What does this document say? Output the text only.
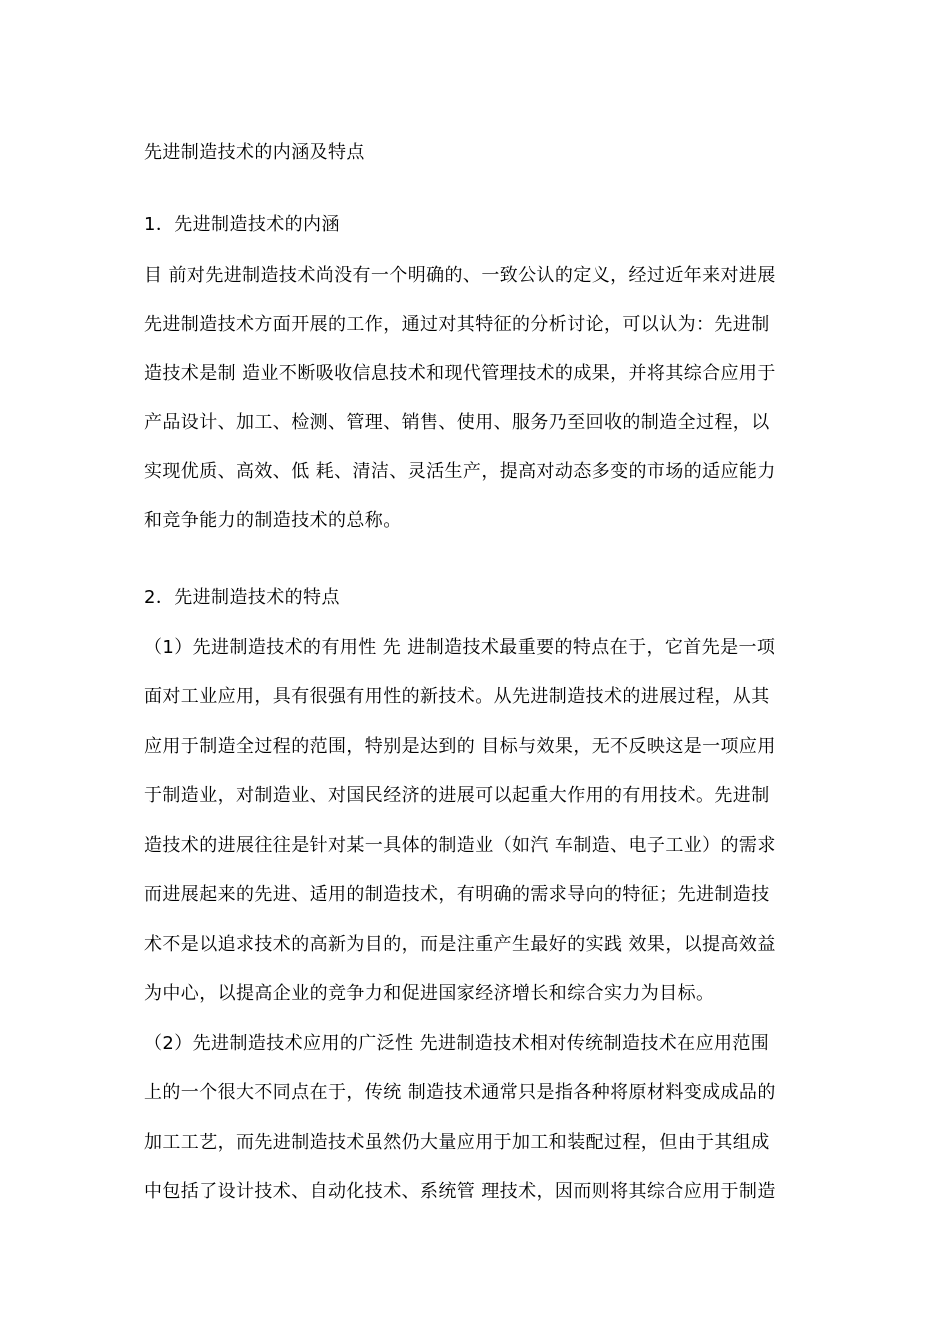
先进制造技术的内涵及特点
1．先进制造技术的内涵
目 前对先进制造技术尚没有一个明确的、一致公认的定义，经过近年来对进展
先进制造技术方面开展的工作，通过对其特征的分析讨论，可以认为：先进制
造技术是制 造业不断吸收信息技术和现代管理技术的成果，并将其综合应用于
产品设计、加工、检测、管理、销售、使用、服务乃至回收的制造全过程，以
实现优质、高效、低 耗、清洁、灵活生产，提高对动态多变的市场的适应能力
和竞争能力的制造技术的总称。
2．先进制造技术的特点
（1）先进制造技术的有用性 先 进制造技术最重要的特点在于，它首先是一项
面对工业应用，具有很强有用性的新技术。从先进制造技术的进展过程，从其
应用于制造全过程的范围，特别是达到的 目标与效果，无不反映这是一项应用
于制造业，对制造业、对国民经济的进展可以起重大作用的有用技术。先进制
造技术的进展往往是针对某一具体的制造业（如汽 车制造、电子工业）的需求
而进展起来的先进、适用的制造技术，有明确的需求导向的特征；先进制造技
术不是以追求技术的高新为目的，而是注重产生最好的实践 效果，以提高效益
为中心，以提高企业的竞争力和促进国家经济增长和综合实力为目标。
（2）先进制造技术应用的广泛性 先进制造技术相对传统制造技术在应用范围
上的一个很大不同点在于，传统 制造技术通常只是指各种将原材料变成成品的
加工工艺，而先进制造技术虽然仍大量应用于加工和装配过程，但由于其组成
中包括了设计技术、自动化技术、系统管 理技术，因而则将其综合应用于制造
